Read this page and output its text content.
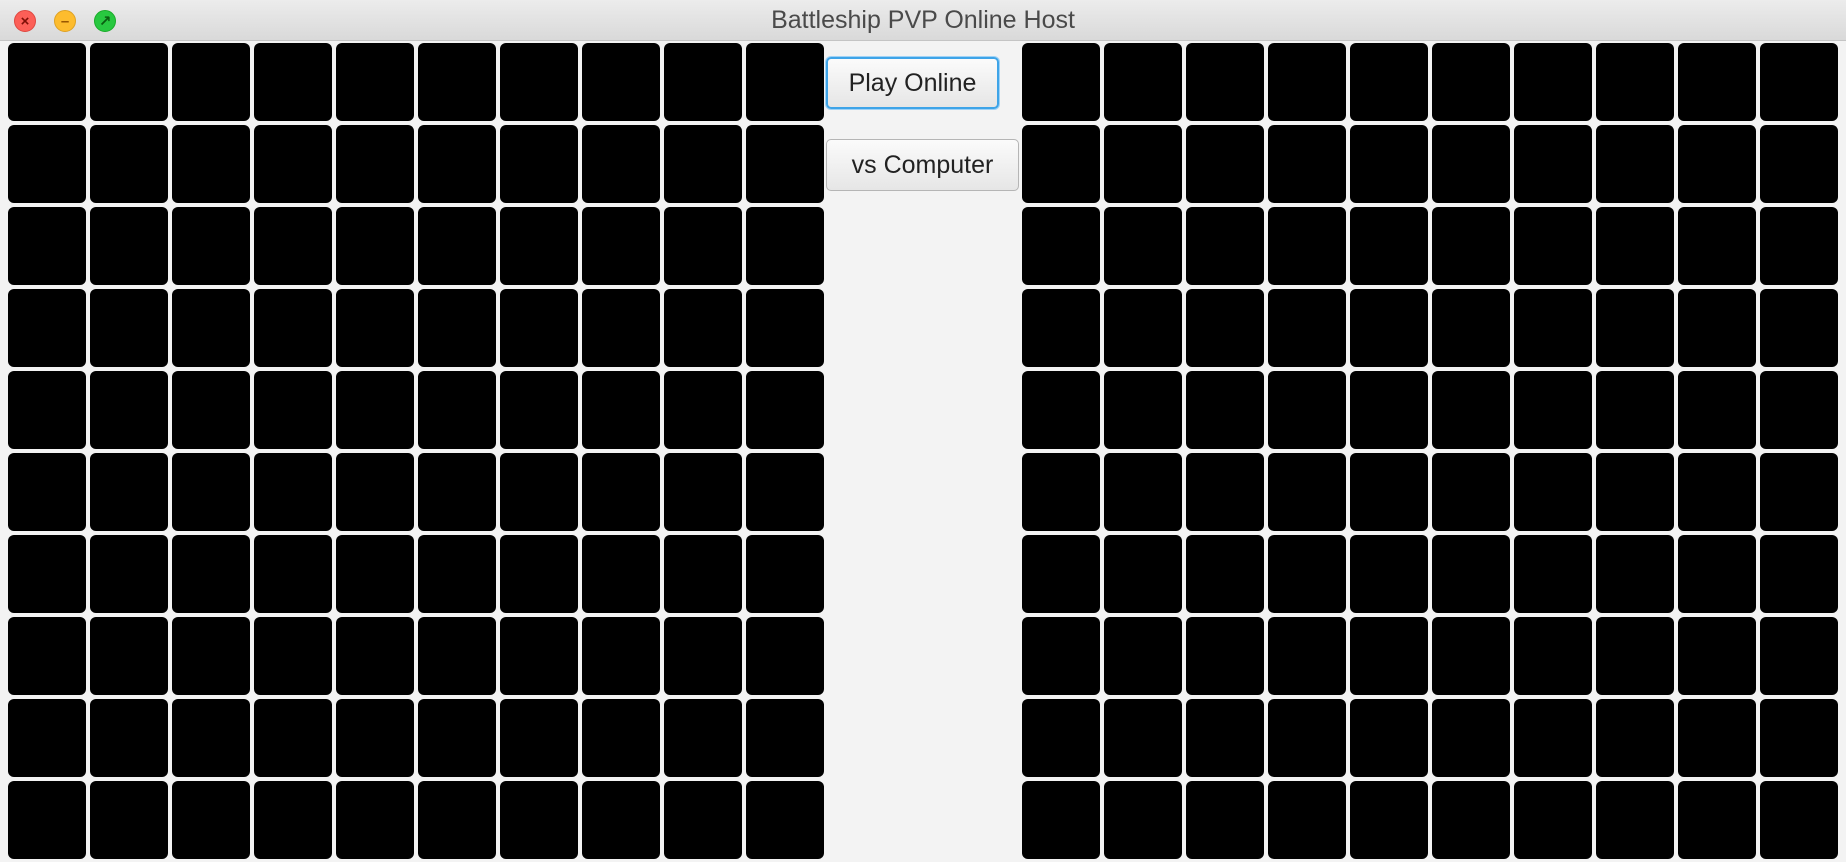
Battleship PVP Online Host
× – ↗
Play Online
vs Computer
